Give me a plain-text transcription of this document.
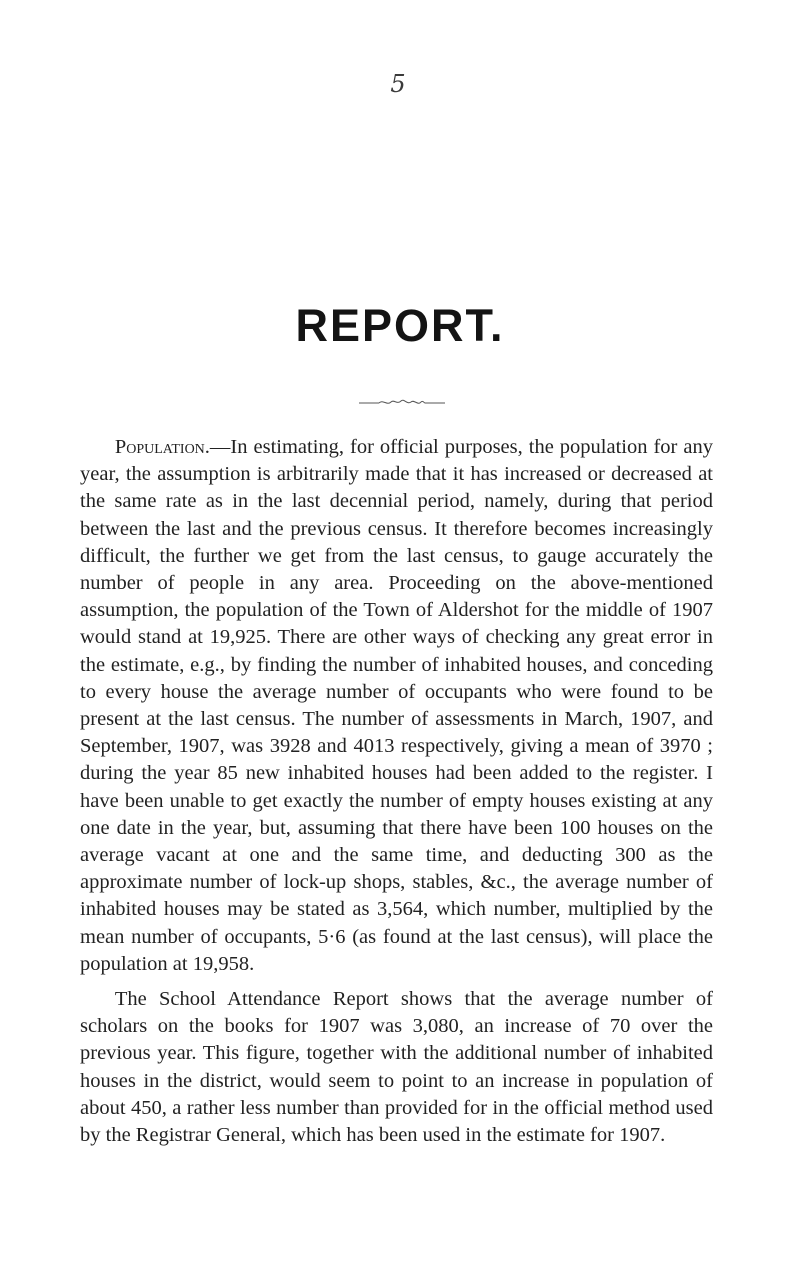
5
REPORT.

Population.—In estimating, for official purposes, the population for any year, the assumption is arbitrarily made that it has increased or decreased at the same rate as in the last decennial period, namely, during that period between the last and the previous census. It therefore becomes increasingly difficult, the further we get from the last census, to gauge accurately the number of people in any area. Proceeding on the above-mentioned assumption, the population of the Town of Aldershot for the middle of 1907 would stand at 19,925. There are other ways of checking any great error in the estimate, e.g., by finding the number of inhabited houses, and conceding to every house the average number of occupants who were found to be present at the last census. The number of assessments in March, 1907, and September, 1907, was 3928 and 4013 respectively, giving a mean of 3970 ; during the year 85 new inhabited houses had been added to the register. I have been unable to get exactly the number of empty houses existing at any one date in the year, but, assuming that there have been 100 houses on the average vacant at one and the same time, and deducting 300 as the approximate number of lock-up shops, stables, &c., the average number of inhabited houses may be stated as 3,564, which number, multiplied by the mean number of occupants, 5·6 (as found at the last census), will place the population at 19,958.

The School Attendance Report shows that the average number of scholars on the books for 1907 was 3,080, an increase of 70 over the previous year. This figure, together with the additional number of inhabited houses in the district, would seem to point to an increase in population of about 450, a rather less number than provided for in the official method used by the Registrar General, which has been used in the estimate for 1907.
